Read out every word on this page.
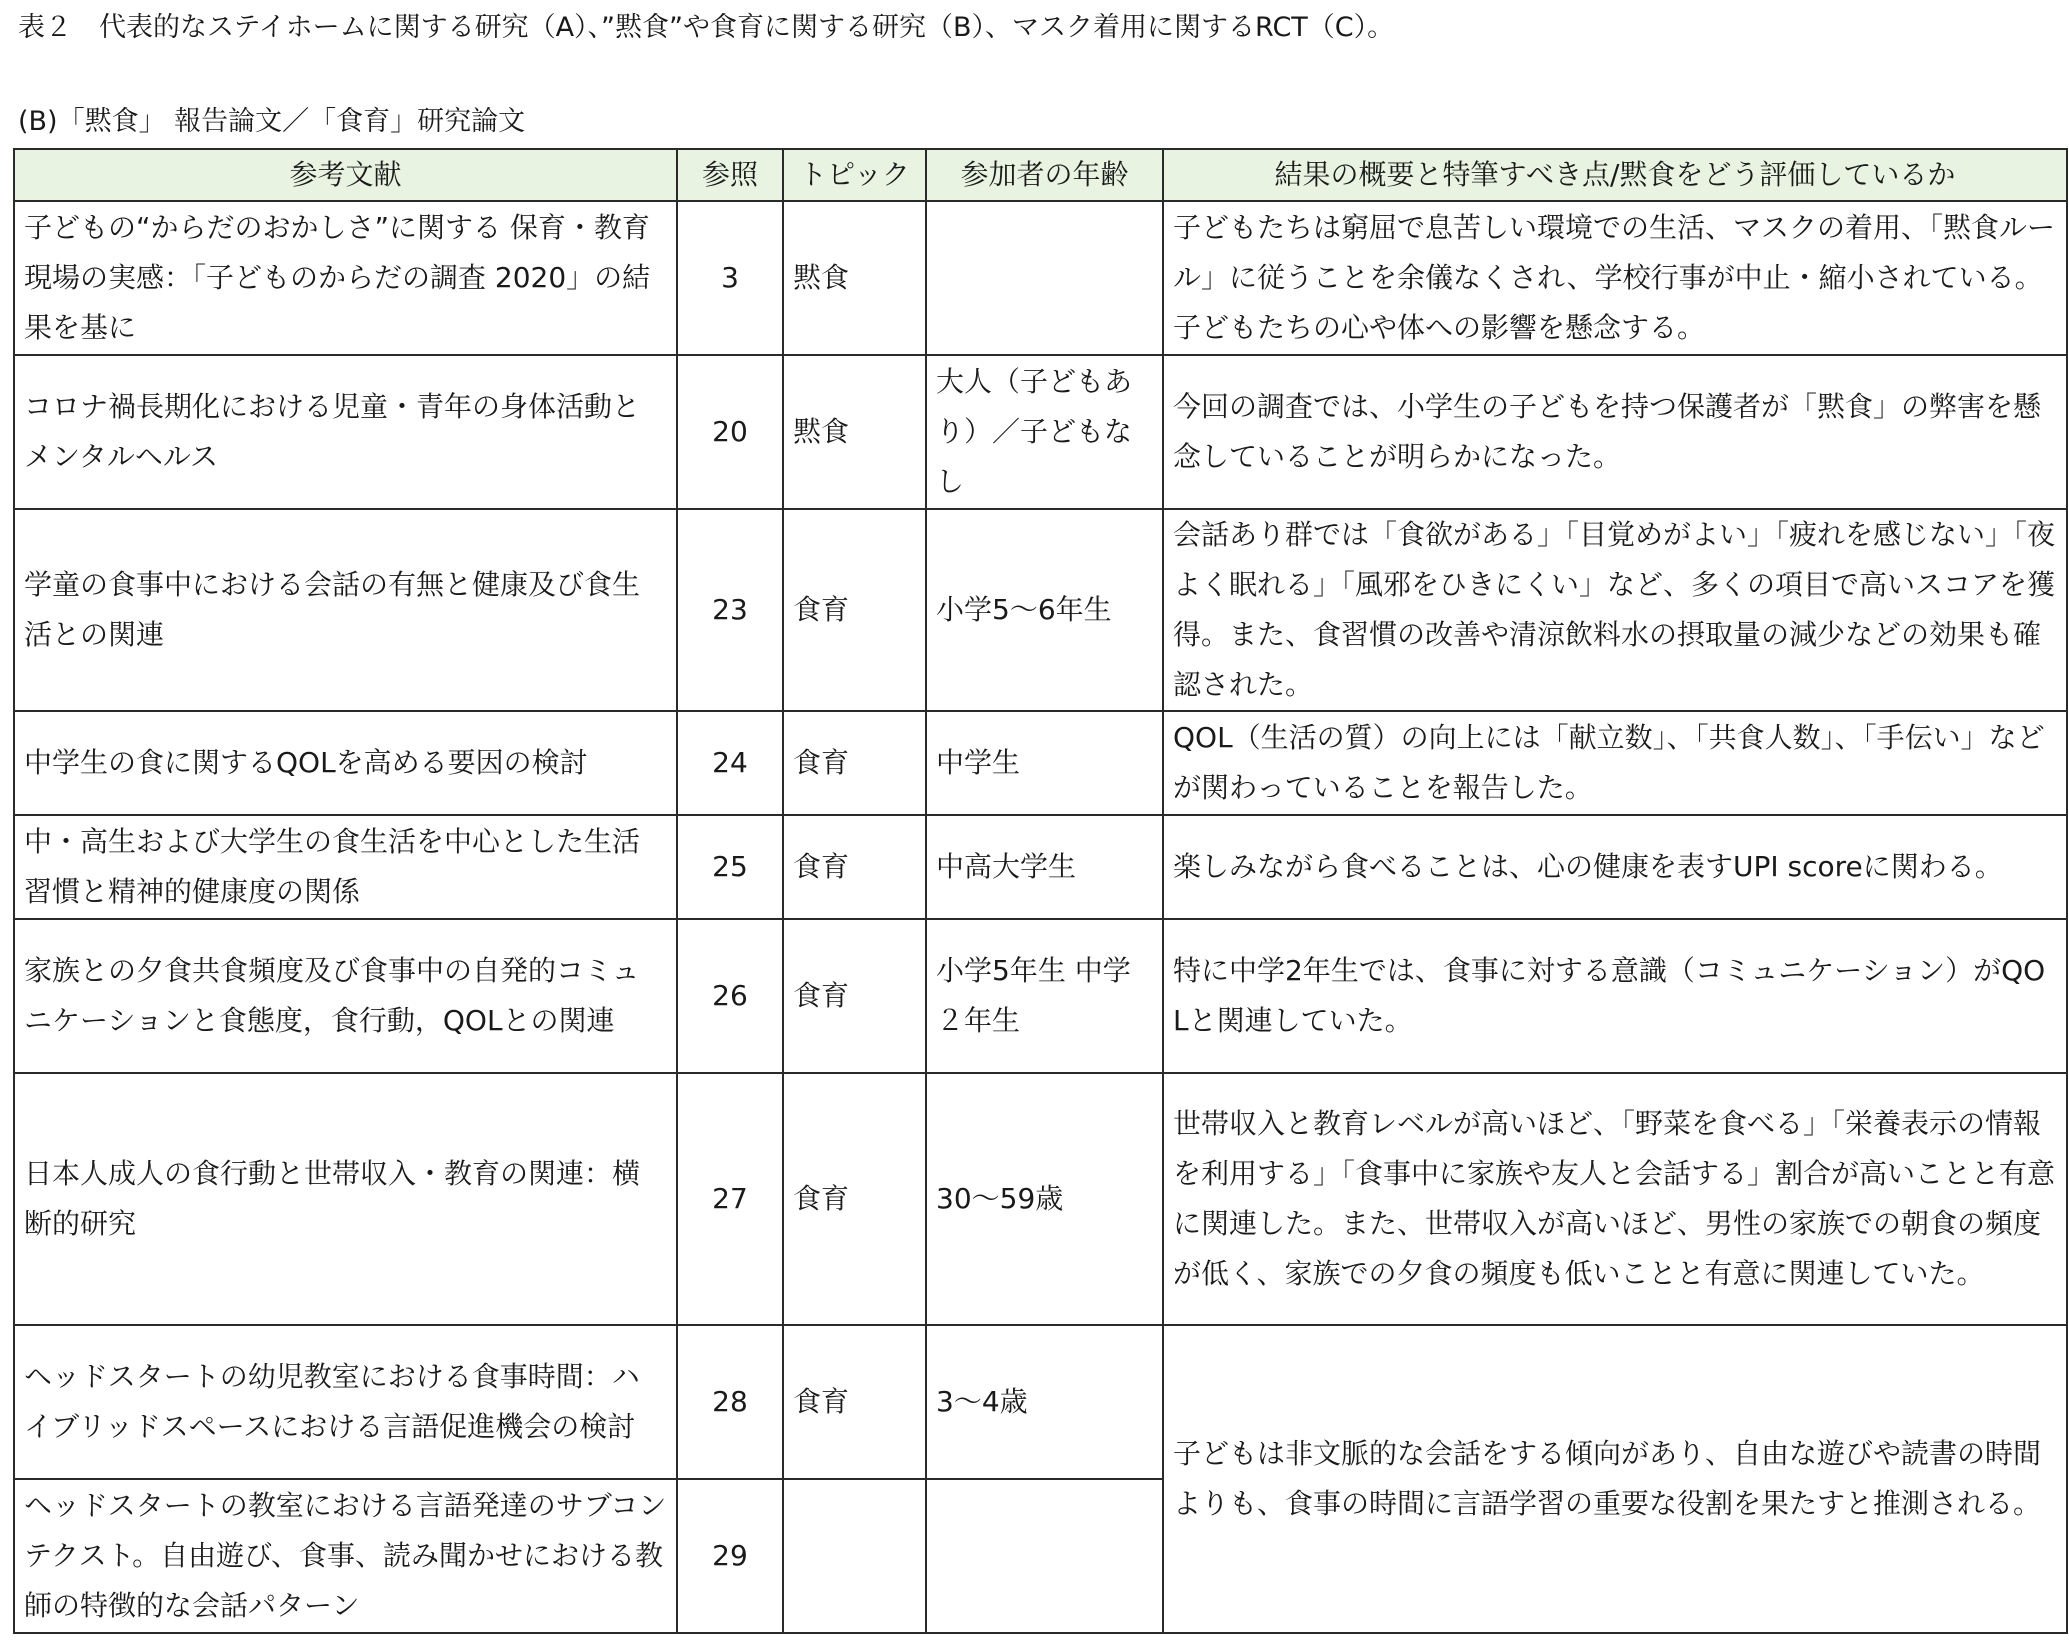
表２　代表的なステイホームに関する研究（A）、”黙食”や食育に関する研究（B）、マスク着用に関するRCT（C）。
(B)「黙食」 報告論文／「食育」研究論文
参考文献	参照	トピック	参加者の年齢	結果の概要と特筆すべき点/黙食をどう評価しているか
子どもの“からだのおかしさ”に関する 保育・教育現場の実感：「子どものからだの調査 2020」の結果を基に	3	黙食		子どもたちは窮屈で息苦しい環境での生活、マスクの着用、「黙食ルール」に従うことを余儀なくされ、学校行事が中止・縮小されている。子どもたちの心や体への影響を懸念する。
コロナ禍長期化における児童・青年の身体活動とメンタルヘルス	20	黙食	大人（子どもあり）／子どもなし	今回の調査では、小学生の子どもを持つ保護者が「黙食」の弊害を懸念していることが明らかになった。
学童の食事中における会話の有無と健康及び食生活との関連	23	食育	小学5〜6年生	会話あり群では「食欲がある」「目覚めがよい」「疲れを感じない」「夜よく眠れる」「風邪をひきにくい」など、多くの項目で高いスコアを獲得。また、食習慣の改善や清涼飲料水の摂取量の減少などの効果も確認された。
中学生の食に関するQOLを高める要因の検討	24	食育	中学生	QOL（生活の質）の向上には「献立数」、「共食人数」、「手伝い」などが関わっていることを報告した。
中・高生および大学生の食生活を中心とした生活習慣と精神的健康度の関係	25	食育	中高大学生	楽しみながら食べることは、心の健康を表すUPI scoreに関わる。
家族との夕食共食頻度及び食事中の自発的コミュニケーションと食態度，食行動，QOLとの関連	26	食育	小学5年生 中学２年生	特に中学2年生では、食事に対する意識（コミュニケーション）がQOLと関連していた。
日本人成人の食行動と世帯収入・教育の関連：横断的研究	27	食育	30〜59歳	世帯収入と教育レベルが高いほど、「野菜を食べる」「栄養表示の情報を利用する」「食事中に家族や友人と会話する」割合が高いことと有意に関連した。また、世帯収入が高いほど、男性の家族での朝食の頻度が低く、家族での夕食の頻度も低いことと有意に関連していた。
ヘッドスタートの幼児教室における食事時間：ハイブリッドスペースにおける言語促進機会の検討	28	食育	3〜4歳	子どもは非文脈的な会話をする傾向があり、自由な遊びや読書の時間よりも、食事の時間に言語学習の重要な役割を果たすと推測される。
ヘッドスタートの教室における言語発達のサブコンテクスト。自由遊び、食事、読み聞かせにおける教師の特徴的な会話パターン	29			
